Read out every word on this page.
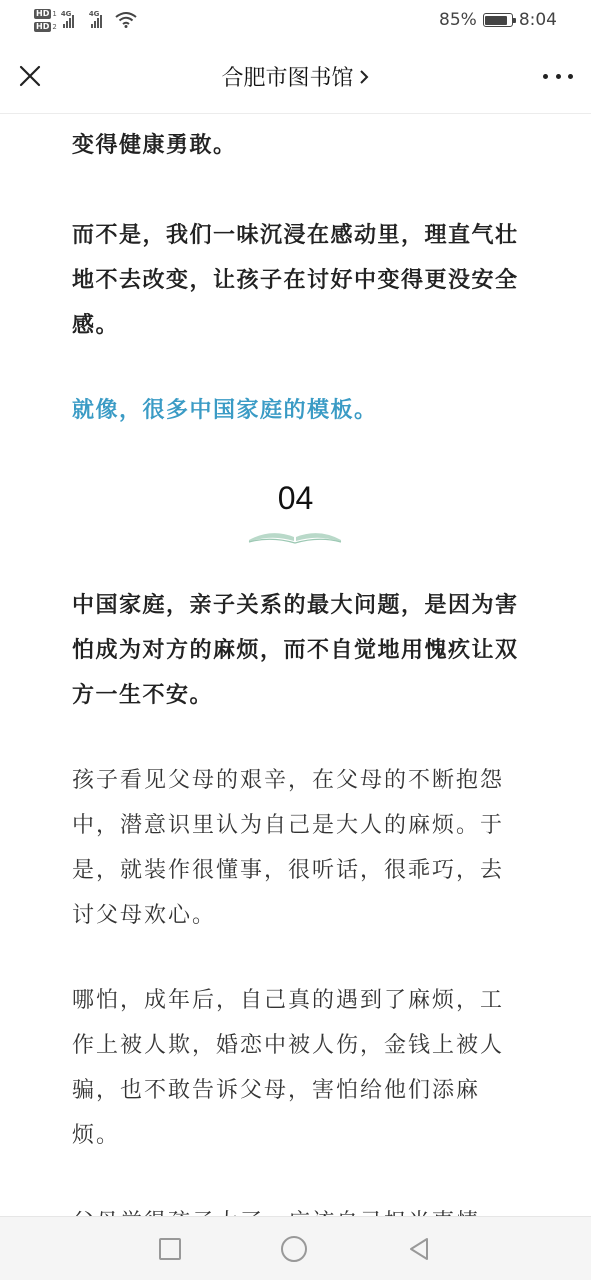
HD 1
HD 2
4G 4G	85% 8:04
合肥市图书馆
变得健康勇敢。
而不是，我们一味沉浸在感动里，理直气壮地不去改变，让孩子在讨好中变得更没安全感。
就像，很多中国家庭的模板。
04
中国家庭，亲子关系的最大问题，是因为害怕成为对方的麻烦，而不自觉地用愧疚让双方一生不安。
孩子看见父母的艰辛，在父母的不断抱怨中，潜意识里认为自己是大人的麻烦。于是，就装作很懂事，很听话，很乖巧，去讨父母欢心。
哪怕，成年后，自己真的遇到了麻烦，工作上被人欺，婚恋中被人伤，金钱上被人骗，也不敢告诉父母，害怕给他们添麻烦。
